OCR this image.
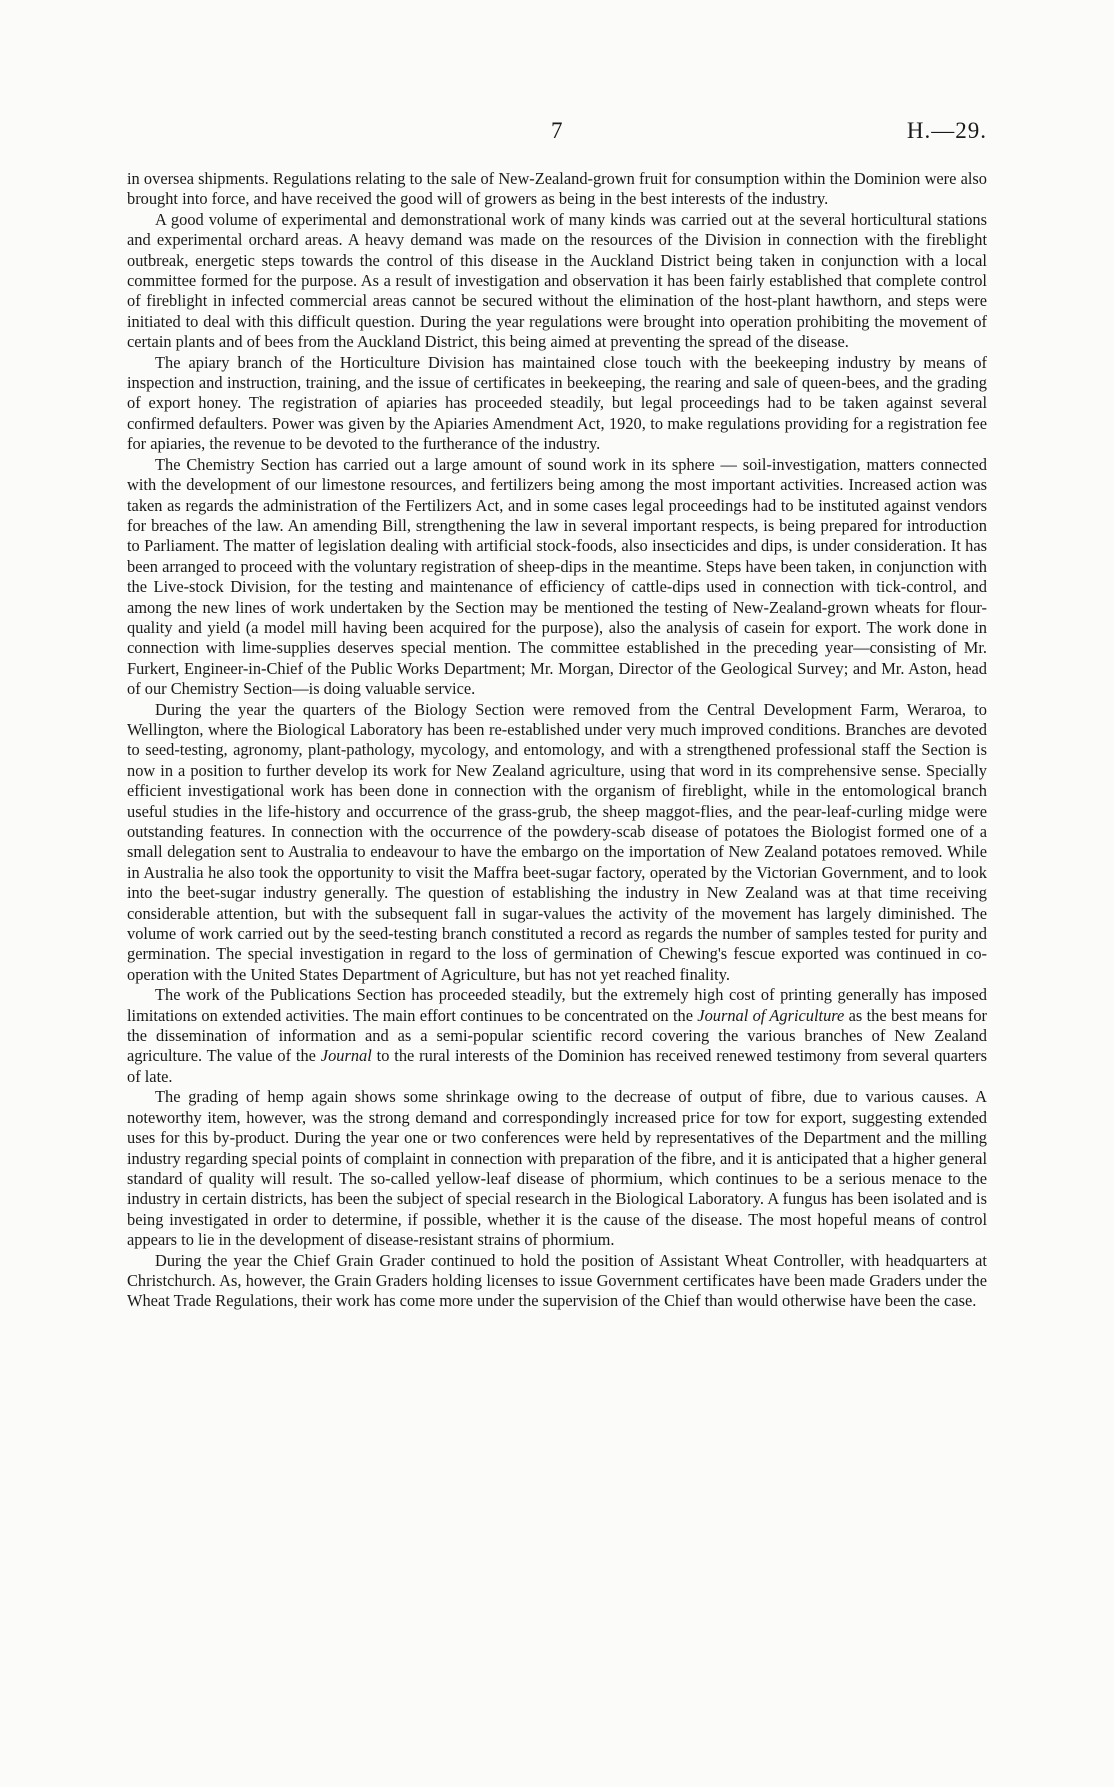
7	H.—29.

in oversea shipments. Regulations relating to the sale of New-Zealand-grown fruit for consumption within the Dominion were also brought into force, and have received the good will of growers as being in the best interests of the industry.

A good volume of experimental and demonstrational work of many kinds was carried out at the several horticultural stations and experimental orchard areas. A heavy demand was made on the resources of the Division in connection with the fireblight outbreak, energetic steps towards the control of this disease in the Auckland District being taken in conjunction with a local committee formed for the purpose. As a result of investigation and observation it has been fairly established that complete control of fireblight in infected commercial areas cannot be secured without the elimination of the host-plant hawthorn, and steps were initiated to deal with this difficult question. During the year regulations were brought into operation prohibiting the movement of certain plants and of bees from the Auckland District, this being aimed at preventing the spread of the disease.

The apiary branch of the Horticulture Division has maintained close touch with the beekeeping industry by means of inspection and instruction, training, and the issue of certificates in beekeeping, the rearing and sale of queen-bees, and the grading of export honey. The registration of apiaries has proceeded steadily, but legal proceedings had to be taken against several confirmed defaulters. Power was given by the Apiaries Amendment Act, 1920, to make regulations providing for a registration fee for apiaries, the revenue to be devoted to the furtherance of the industry.

The Chemistry Section has carried out a large amount of sound work in its sphere — soil-investigation, matters connected with the development of our limestone resources, and fertilizers being among the most important activities. Increased action was taken as regards the administration of the Fertilizers Act, and in some cases legal proceedings had to be instituted against vendors for breaches of the law. An amending Bill, strengthening the law in several important respects, is being prepared for introduction to Parliament. The matter of legislation dealing with artificial stock-foods, also insecticides and dips, is under consideration. It has been arranged to proceed with the voluntary registration of sheep-dips in the meantime. Steps have been taken, in conjunction with the Live-stock Division, for the testing and maintenance of efficiency of cattle-dips used in connection with tick-control, and among the new lines of work undertaken by the Section may be mentioned the testing of New-Zealand-grown wheats for flour-quality and yield (a model mill having been acquired for the purpose), also the analysis of casein for export. The work done in connection with lime-supplies deserves special mention. The committee established in the preceding year—consisting of Mr. Furkert, Engineer-in-Chief of the Public Works Department; Mr. Morgan, Director of the Geological Survey; and Mr. Aston, head of our Chemistry Section—is doing valuable service.

During the year the quarters of the Biology Section were removed from the Central Development Farm, Weraroa, to Wellington, where the Biological Laboratory has been re-established under very much improved conditions. Branches are devoted to seed-testing, agronomy, plant-pathology, mycology, and entomology, and with a strengthened professional staff the Section is now in a position to further develop its work for New Zealand agriculture, using that word in its comprehensive sense. Specially efficient investigational work has been done in connection with the organism of fireblight, while in the entomological branch useful studies in the life-history and occurrence of the grass-grub, the sheep maggot-flies, and the pear-leaf-curling midge were outstanding features. In connection with the occurrence of the powdery-scab disease of potatoes the Biologist formed one of a small delegation sent to Australia to endeavour to have the embargo on the importation of New Zealand potatoes removed. While in Australia he also took the opportunity to visit the Maffra beet-sugar factory, operated by the Victorian Government, and to look into the beet-sugar industry generally. The question of establishing the industry in New Zealand was at that time receiving considerable attention, but with the subsequent fall in sugar-values the activity of the movement has largely diminished. The volume of work carried out by the seed-testing branch constituted a record as regards the number of samples tested for purity and germination. The special investigation in regard to the loss of germination of Chewing's fescue exported was continued in co-operation with the United States Department of Agriculture, but has not yet reached finality.

The work of the Publications Section has proceeded steadily, but the extremely high cost of printing generally has imposed limitations on extended activities. The main effort continues to be concentrated on the Journal of Agriculture as the best means for the dissemination of information and as a semi-popular scientific record covering the various branches of New Zealand agriculture. The value of the Journal to the rural interests of the Dominion has received renewed testimony from several quarters of late.

The grading of hemp again shows some shrinkage owing to the decrease of output of fibre, due to various causes. A noteworthy item, however, was the strong demand and correspondingly increased price for tow for export, suggesting extended uses for this by-product. During the year one or two conferences were held by representatives of the Department and the milling industry regarding special points of complaint in connection with preparation of the fibre, and it is anticipated that a higher general standard of quality will result. The so-called yellow-leaf disease of phormium, which continues to be a serious menace to the industry in certain districts, has been the subject of special research in the Biological Laboratory. A fungus has been isolated and is being investigated in order to determine, if possible, whether it is the cause of the disease. The most hopeful means of control appears to lie in the development of disease-resistant strains of phormium.

During the year the Chief Grain Grader continued to hold the position of Assistant Wheat Controller, with headquarters at Christchurch. As, however, the Grain Graders holding licenses to issue Government certificates have been made Graders under the Wheat Trade Regulations, their work has come more under the supervision of the Chief than would otherwise have been the case.
